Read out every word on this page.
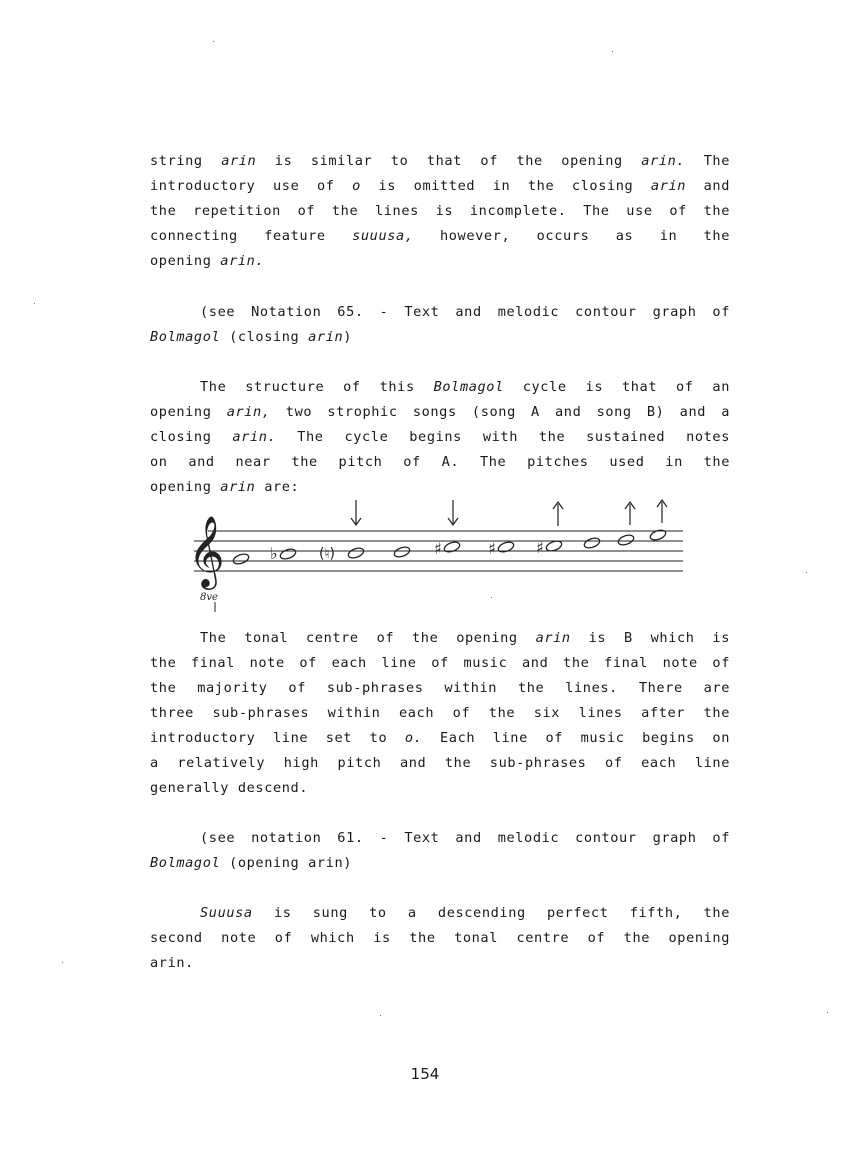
string arin is similar to that of the opening arin. The
introductory use of o is omitted in the closing arin and
the repetition of the lines is incomplete. The use of the
connecting feature suuusa, however, occurs as in the
opening arin.
(see Notation 65. - Text and melodic contour graph of
Bolmagol (closing arin)
The structure of this Bolmagol cycle is that of an
opening arin, two strophic songs (song A and song B) and a
closing arin. The cycle begins with the sustained notes
on and near the pitch of A. The pitches used in the
opening arin are:
𝄞
8ve
♭	(♮)	♯	♯	♯
The tonal centre of the opening arin is B which is
the final note of each line of music and the final note of
the majority of sub-phrases within the lines. There are
three sub-phrases within each of the six lines after the
introductory line set to o. Each line of music begins on
a relatively high pitch and the sub-phrases of each line
generally descend.
(see notation 61. - Text and melodic contour graph of
Bolmagol (opening arin)
Suuusa is sung to a descending perfect fifth, the
second note of which is the tonal centre of the opening
arin.
154
